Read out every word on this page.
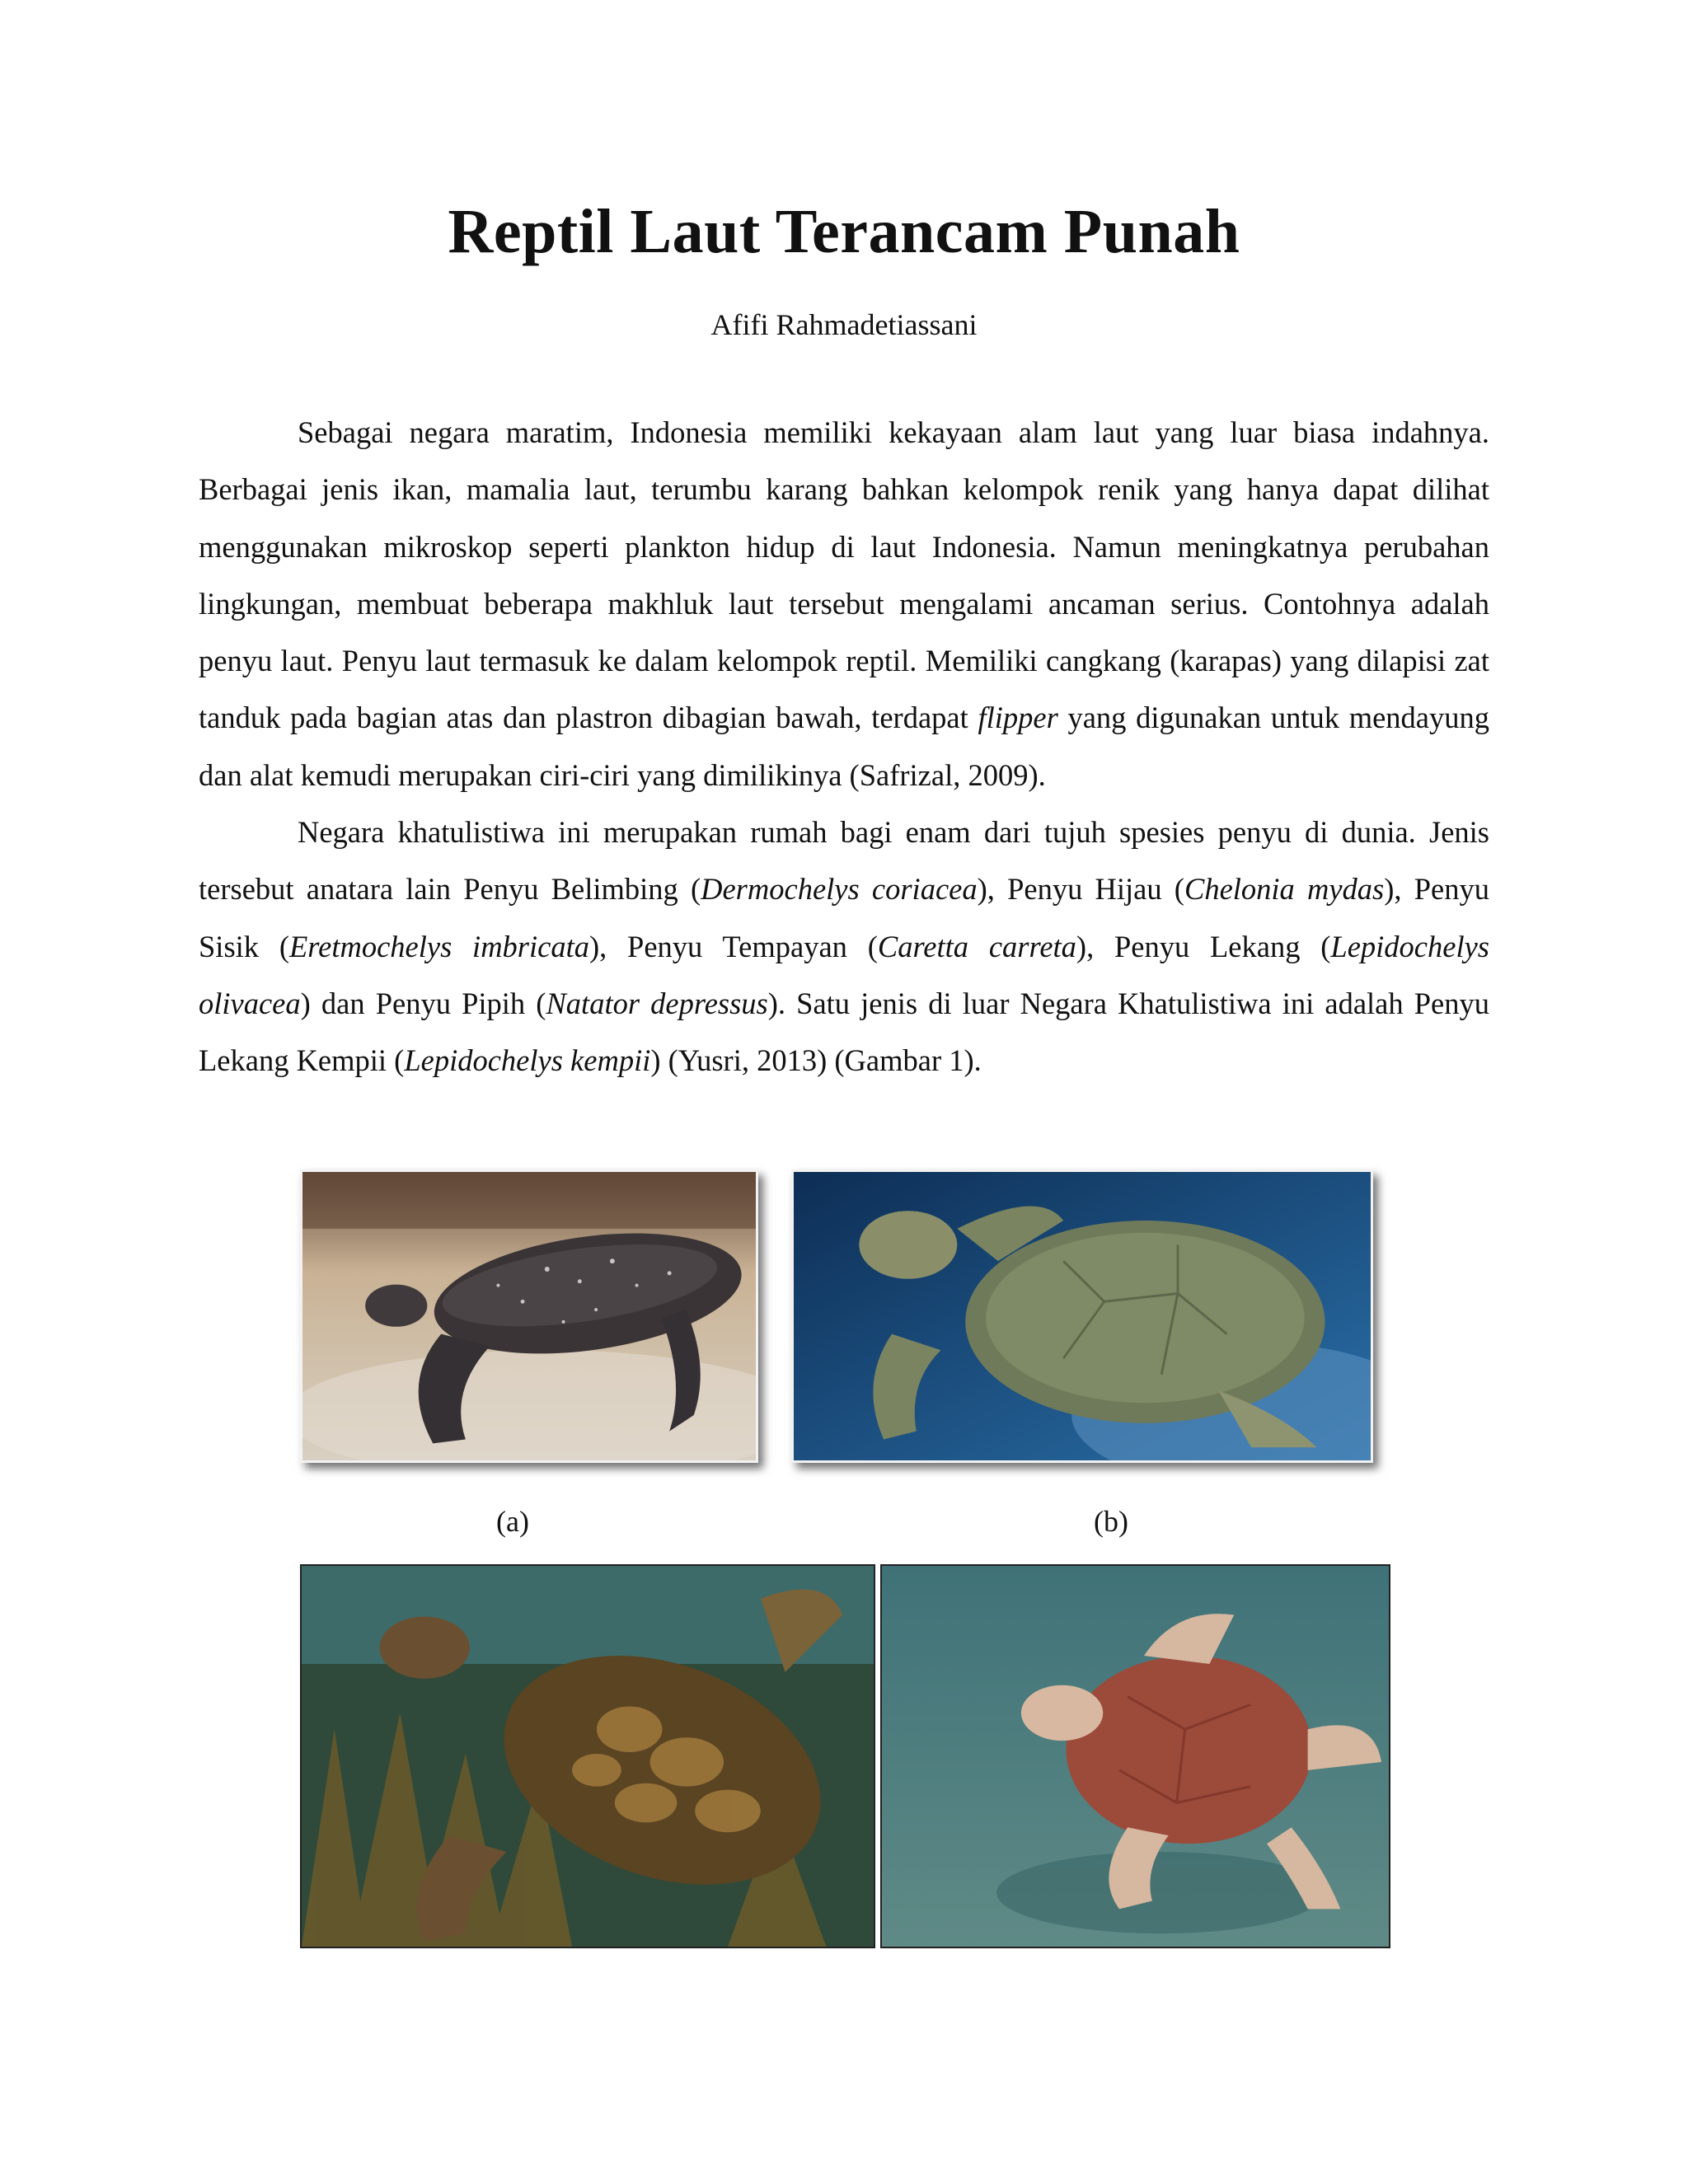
Reptil Laut Terancam Punah
Afifi Rahmadetiassani

Sebagai negara maratim, Indonesia memiliki kekayaan alam laut yang luar biasa indahnya. Berbagai jenis ikan, mamalia laut, terumbu karang bahkan kelompok renik yang hanya dapat dilihat menggunakan mikroskop seperti plankton hidup di laut Indonesia. Namun meningkatnya perubahan lingkungan, membuat beberapa makhluk laut tersebut mengalami ancaman serius. Contohnya adalah penyu laut. Penyu laut termasuk ke dalam kelompok reptil. Memiliki cangkang (karapas) yang dilapisi zat tanduk pada bagian atas dan plastron dibagian bawah, terdapat flipper yang digunakan untuk mendayung dan alat kemudi merupakan ciri-ciri yang dimilikinya (Safrizal, 2009).

Negara khatulistiwa ini merupakan rumah bagi enam dari tujuh spesies penyu di dunia. Jenis tersebut anatara lain Penyu Belimbing (Dermochelys coriacea), Penyu Hijau (Chelonia mydas), Penyu Sisik (Eretmochelys imbricata), Penyu Tempayan (Caretta carreta), Penyu Lekang (Lepidochelys olivacea) dan Penyu Pipih (Natator depressus). Satu jenis di luar Negara Khatulistiwa ini adalah Penyu Lekang Kempii (Lepidochelys kempii) (Yusri, 2013) (Gambar 1).

(a)	(b)
